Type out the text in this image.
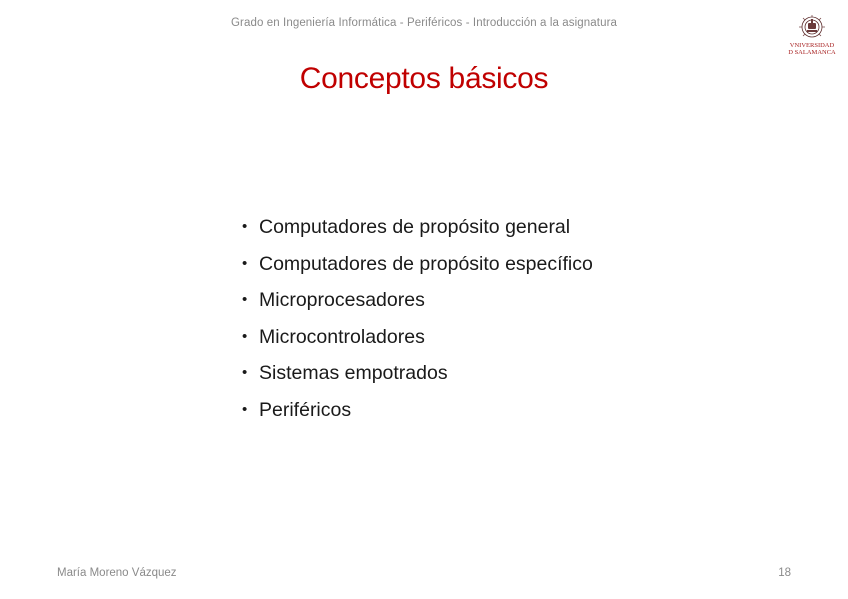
Grado en Ingeniería Informática - Periféricos - Introducción a la asignatura
VNIVERSIDAD
D SALAMANCA
Conceptos básicos
• Computadores de propósito general
• Computadores de propósito específico
• Microprocesadores
• Microcontroladores
• Sistemas empotrados
• Periféricos
María Moreno Vázquez	18
